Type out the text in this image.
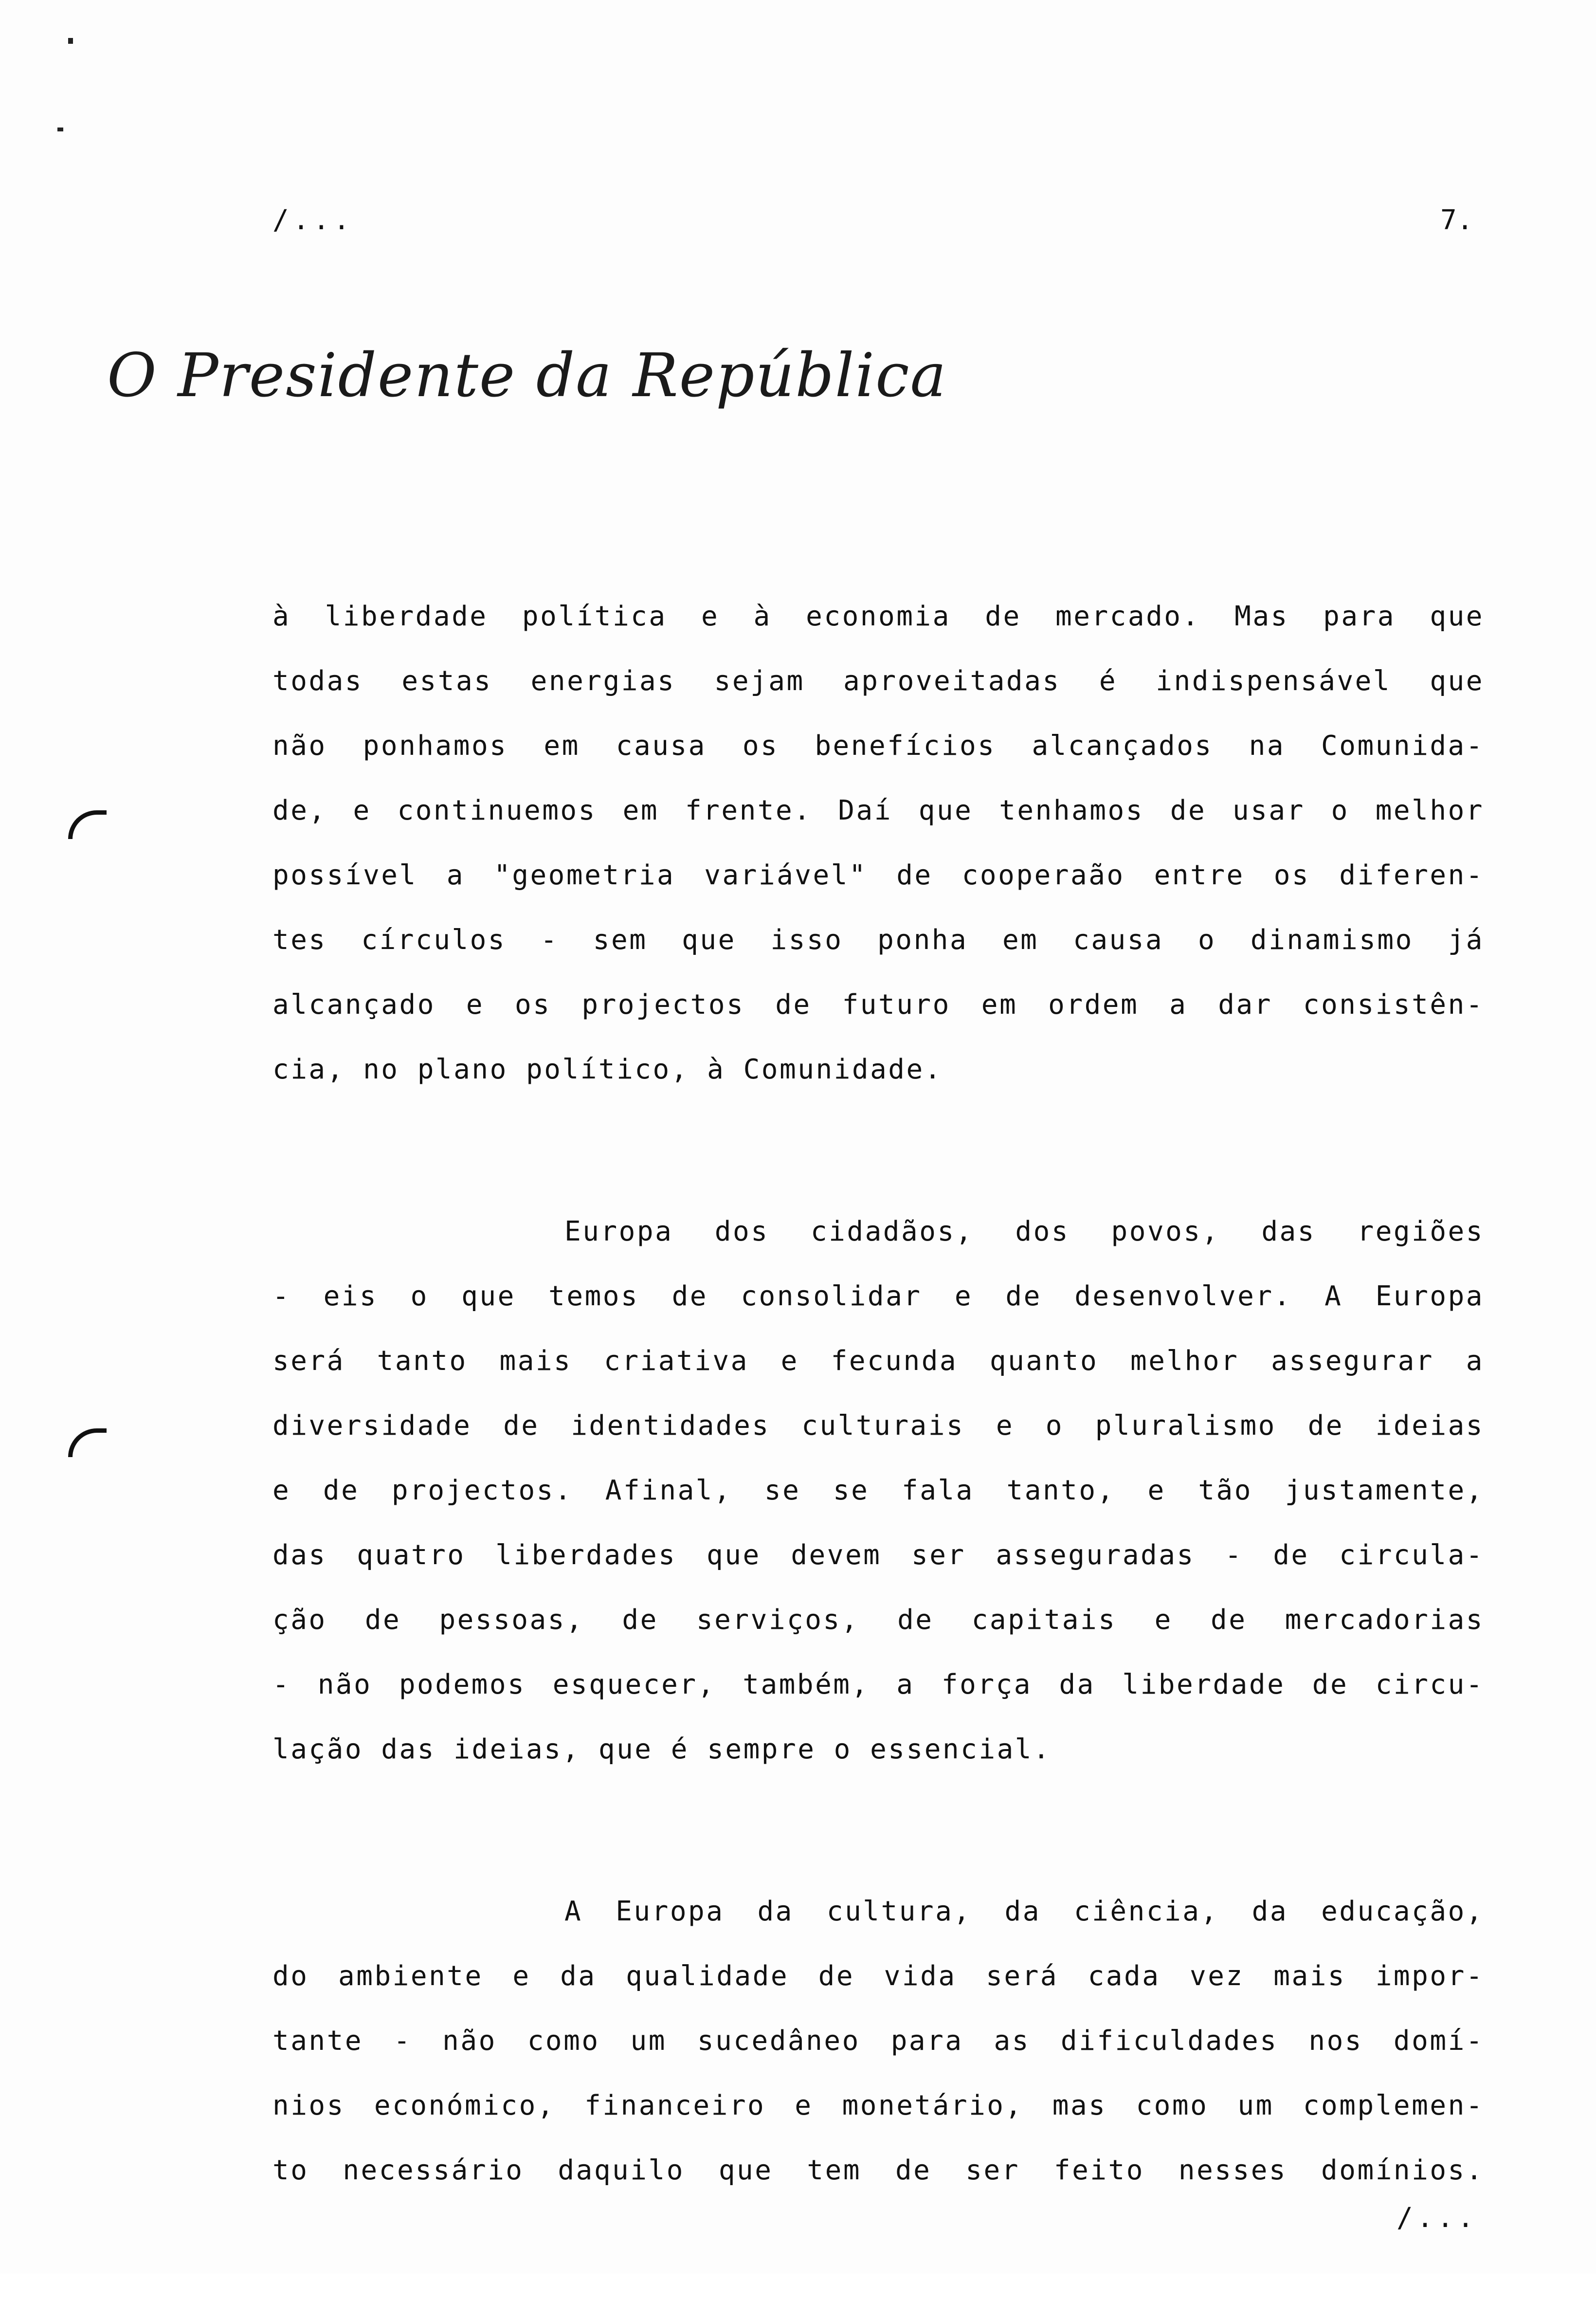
/...	7.
O Presidente da República
à liberdade política e à economia de mercado. Mas para que
todas estas energias sejam aproveitadas é indispensável que
não ponhamos em causa os benefícios alcançados na Comunida-
de, e continuemos em frente. Daí que tenhamos de usar o melhor
possível a "geometria variável" de cooperaão entre os diferen-
tes círculos - sem que isso ponha em causa o dinamismo já
alcançado e os projectos de futuro em ordem a dar consistên-
cia, no plano político, à Comunidade.
Europa dos cidadãos, dos povos, das regiões
- eis o que temos de consolidar e de desenvolver. A Europa
será tanto mais criativa e fecunda quanto melhor assegurar a
diversidade de identidades culturais e o pluralismo de ideias
e de projectos. Afinal, se se fala tanto, e tão justamente,
das quatro liberdades que devem ser asseguradas - de circula-
ção de pessoas, de serviços, de capitais e de mercadorias
- não podemos esquecer, também, a força da liberdade de circu-
lação das ideias, que é sempre o essencial.
A Europa da cultura, da ciência, da educação,
do ambiente e da qualidade de vida será cada vez mais impor-
tante - não como um sucedâneo para as dificuldades nos domí-
nios económico, financeiro e monetário, mas como um complemen-
to necessário daquilo que tem de ser feito nesses domínios.
/...
